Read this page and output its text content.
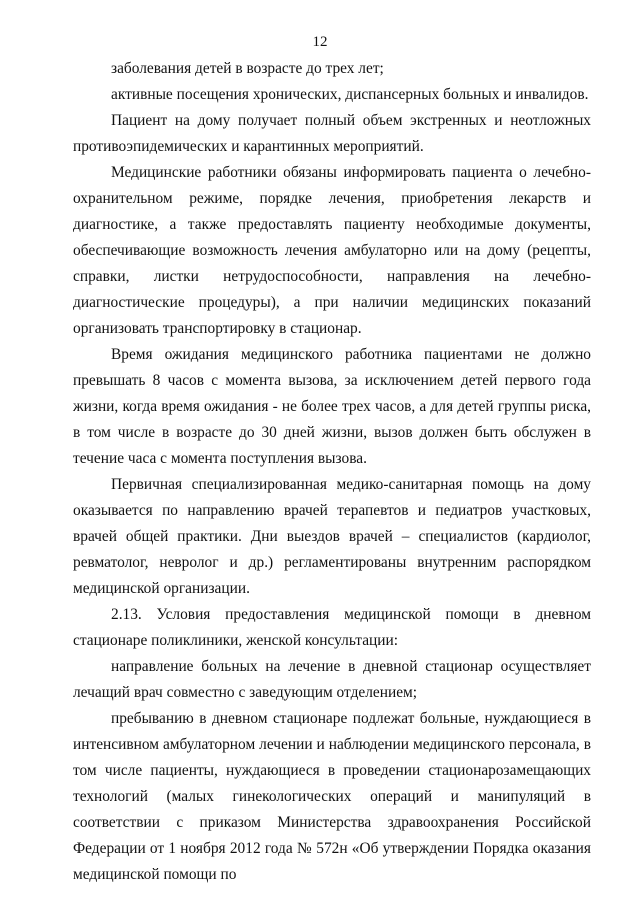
12

заболевания детей в возрасте до трех лет;

активные посещения хронических, диспансерных больных и инвалидов.

Пациент на дому получает полный объем экстренных и неотложных противоэпидемических и карантинных мероприятий.

Медицинские работники обязаны информировать пациента о лечебно-охранительном режиме, порядке лечения, приобретения лекарств и диагностике, а также предоставлять пациенту необходимые документы, обеспечивающие возможность лечения амбулаторно или на дому (рецепты, справки, листки нетрудоспособности, направления на лечебно-диагностические процедуры), а при наличии медицинских показаний организовать транспортировку в стационар.

Время ожидания медицинского работника пациентами не должно превышать 8 часов с момента вызова, за исключением детей первого года жизни, когда время ожидания - не более трех часов, а для детей группы риска, в том числе в возрасте до 30 дней жизни, вызов должен быть обслужен в течение часа с момента поступления вызова.

Первичная специализированная медико-санитарная помощь на дому оказывается по направлению врачей терапевтов и педиатров участковых, врачей общей практики. Дни выездов врачей – специалистов (кардиолог, ревматолог, невролог и др.) регламентированы внутренним распорядком медицинской организации.

2.13. Условия предоставления медицинской помощи в дневном стационаре поликлиники, женской консультации:

направление больных на лечение в дневной стационар осуществляет лечащий врач совместно с заведующим отделением;

пребыванию в дневном стационаре подлежат больные, нуждающиеся в интенсивном амбулаторном лечении и наблюдении медицинского персонала, в том числе пациенты, нуждающиеся в проведении стационарозамещающих технологий (малых гинекологических операций и манипуляций в соответствии с приказом Министерства здравоохранения Российской Федерации от 1 ноября 2012 года № 572н «Об утверждении Порядка оказания медицинской помощи по
